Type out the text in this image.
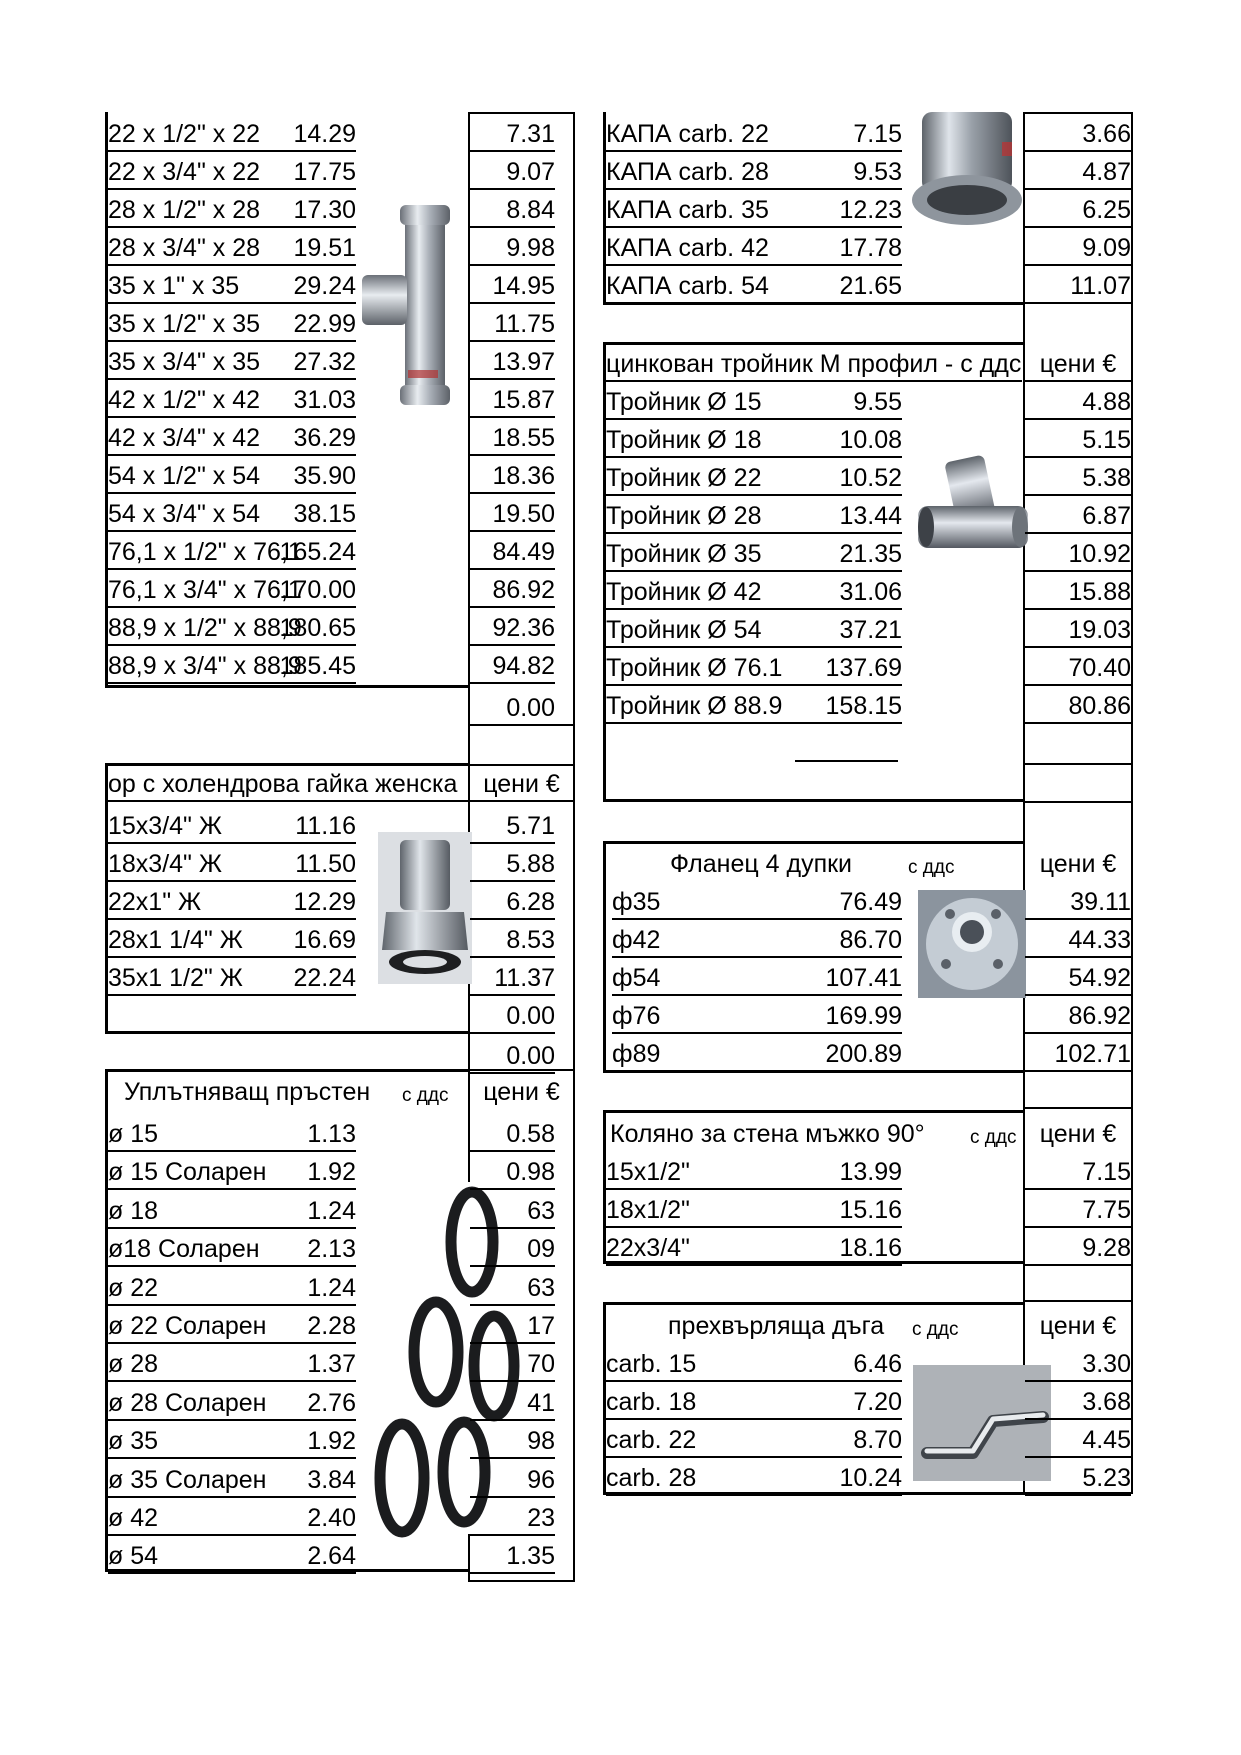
22 x 1/2" x 22	14.29	7.31
22 x 3/4" x 22	17.75	9.07
28 x 1/2" x 28	17.30	8.84
28 x 3/4" x 28	19.51	9.98
35 x 1" x 35	29.24	14.95
35 x 1/2" x 35	22.99	11.75
35 x 3/4" x 35	27.32	13.97
42 x 1/2" x 42	31.03	15.87
42 x 3/4" x 42	36.29	18.55
54 x 1/2" x 54	35.90	18.36
54 x 3/4" x 54	38.15	19.50
76,1 x 1/2" x 76,1
165.24	84.49
76,1 x 3/4" x 76,1
170.00	86.92
88,9 x 1/2" x 88,9
180.65	92.36
88,9 x 3/4" x 88,9
185.45	94.82
0.00
ор с холендрова гайка женска	цени €
15x3/4" Ж	11.16	5.71
18x3/4" Ж	11.50	5.88
22x1" Ж	12.29	6.28
28x1 1/4" Ж	16.69	8.53
35x1 1/2" Ж	22.24	11.37
0.00
0.00
Уплътняващ пръстен	с ддс	цени €
ø 15	1.13	0.58
ø 15 Соларен	1.92	0.98
ø 18	1.24	63
ø18 Соларен	2.13	09
ø 22	1.24	63
ø 22 Соларен	2.28	17
ø 28	1.37	70
ø 28 Соларен	2.76	41
ø 35	1.92	98
ø 35 Соларен	3.84	96
ø 42	2.40	23
ø 54	2.64	1.35
КАПА carb. 22	7.15	3.66
КАПА carb. 28	9.53	4.87
КАПА carb. 35	12.23	6.25
КАПА carb. 42	17.78	9.09
КАПА carb. 54	21.65	11.07
цинкован тройник М профил - с ддс цени €
Тройник Ø 15	9.55	4.88
Тройник Ø 18	10.08	5.15
Тройник Ø 22	10.52	5.38
Тройник Ø 28	13.44	6.87
Тройник Ø 35	21.35	10.92
Тройник Ø 42	31.06	15.88
Тройник Ø 54	37.21	19.03
Тройник Ø 76.1	137.69	70.40
Тройник Ø 88.9	158.15	80.86
Фланец 4 дупки	с ддс	цени €
ф35	76.49	39.11
ф42	86.70	44.33
ф54	107.41	54.92
ф76	169.99	86.92
ф89	200.89	102.71
Коляно за стена мъжко 90°	с ддс цени €
15x1/2"	13.99	7.15
18x1/2"	15.16	7.75
22x3/4"	18.16	9.28
прехвърляща дъга	с ддс	цени €
carb. 15	6.46	3.30
carb. 18	7.20	3.68
carb. 22	8.70	4.45
carb. 28	10.24	5.23
